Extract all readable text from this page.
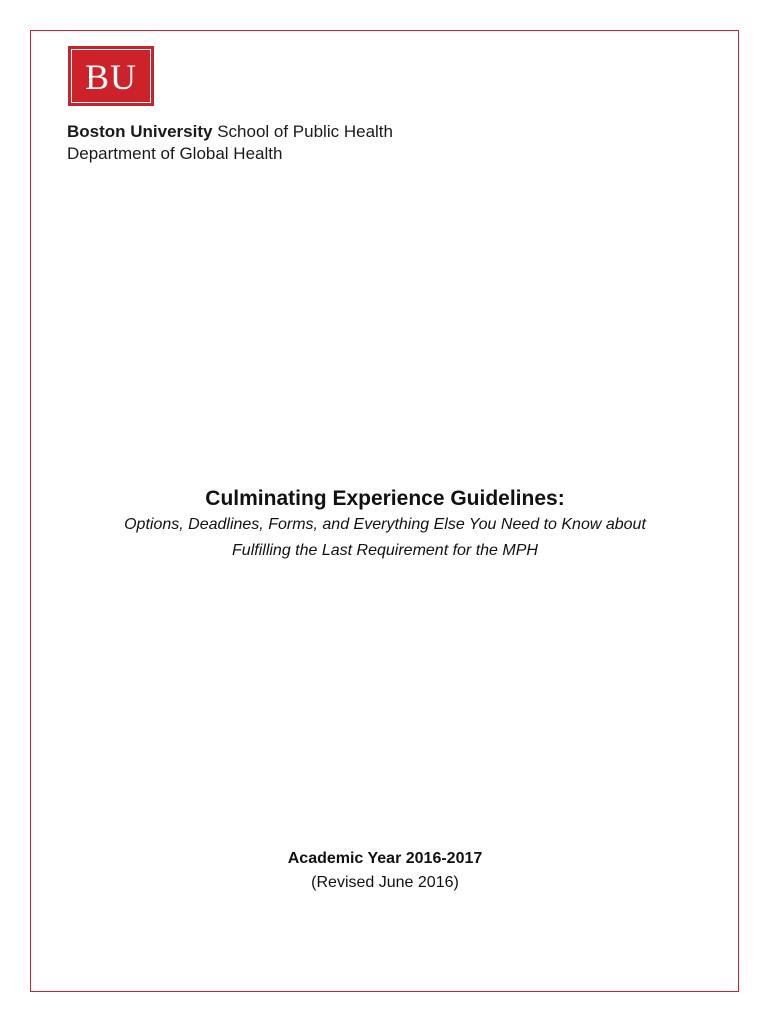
BU
Boston University School of Public Health
Department of Global Health

Culminating Experience Guidelines:

Options, Deadlines, Forms, and Everything Else You Need to Know about

Fulfilling the Last Requirement for the MPH

Academic Year 2016-2017

(Revised June 2016)
